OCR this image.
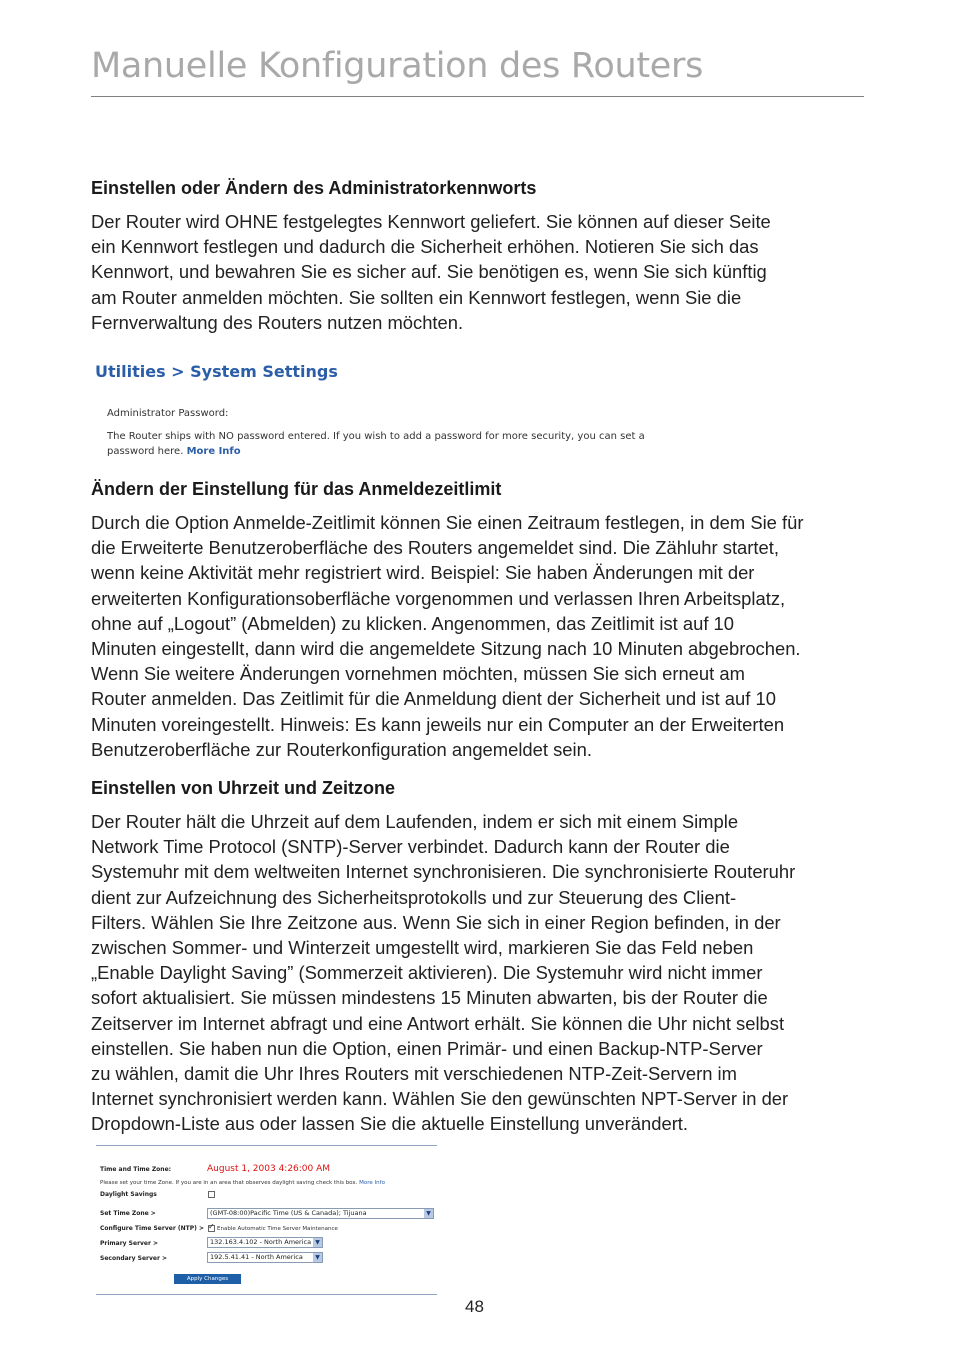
Manuelle Konfiguration des Routers
Einstellen oder Ändern des Administratorkennworts

Der Router wird OHNE festgelegtes Kennwort geliefert. Sie können auf dieser Seite
ein Kennwort festlegen und dadurch die Sicherheit erhöhen. Notieren Sie sich das
Kennwort, und bewahren Sie es sicher auf. Sie benötigen es, wenn Sie sich künftig
am Router anmelden möchten. Sie sollten ein Kennwort festlegen, wenn Sie die
Fernverwaltung des Routers nutzen möchten.

Utilities > System Settings
Administrator Password:
The Router ships with NO password entered. If you wish to add a password for more security, you can set a
password here. More Info
Ändern der Einstellung für das Anmeldezeitlimit

Durch die Option Anmelde-Zeitlimit können Sie einen Zeitraum festlegen, in dem Sie für
die Erweiterte Benutzeroberfläche des Routers angemeldet sind. Die Zähluhr startet,
wenn keine Aktivität mehr registriert wird. Beispiel: Sie haben Änderungen mit der
erweiterten Konfigurationsoberfläche vorgenommen und verlassen Ihren Arbeitsplatz,
ohne auf „Logout” (Abmelden) zu klicken. Angenommen, das Zeitlimit ist auf 10
Minuten eingestellt, dann wird die angemeldete Sitzung nach 10 Minuten abgebrochen.
Wenn Sie weitere Änderungen vornehmen möchten, müssen Sie sich erneut am
Router anmelden. Das Zeitlimit für die Anmeldung dient der Sicherheit und ist auf 10
Minuten voreingestellt. Hinweis: Es kann jeweils nur ein Computer an der Erweiterten
Benutzeroberfläche zur Routerkonfiguration angemeldet sein.

Einstellen von Uhrzeit und Zeitzone

Der Router hält die Uhrzeit auf dem Laufenden, indem er sich mit einem Simple
Network Time Protocol (SNTP)-Server verbindet. Dadurch kann der Router die
Systemuhr mit dem weltweiten Internet synchronisieren. Die synchronisierte Routeruhr
dient zur Aufzeichnung des Sicherheitsprotokolls und zur Steuerung des Client-
Filters. Wählen Sie Ihre Zeitzone aus. Wenn Sie sich in einer Region befinden, in der
zwischen Sommer- und Winterzeit umgestellt wird, markieren Sie das Feld neben
„Enable Daylight Saving” (Sommerzeit aktivieren). Die Systemuhr wird nicht immer
sofort aktualisiert. Sie müssen mindestens 15 Minuten abwarten, bis der Router die
Zeitserver im Internet abfragt und eine Antwort erhält. Sie können die Uhr nicht selbst
einstellen. Sie haben nun die Option, einen Primär- und einen Backup-NTP-Server
zu wählen, damit die Uhr Ihres Routers mit verschiedenen NTP-Zeit-Servern im
Internet synchronisiert werden kann. Wählen Sie den gewünschten NPT-Server in der
Dropdown-Liste aus oder lassen Sie die aktuelle Einstellung unverändert.

Time and Time Zone:	August 1, 2003 4:26:00 AM
Please set your time Zone. If you are in an area that observes daylight saving check this box. More Info
Daylight Savings
Set Time Zone >	(GMT-08:00)Pacific Time (US & Canada); Tijuana	▼
Configure Time Server (NTP) >
✓ Enable Automatic Time Server Maintenance
Primary Server >	132.163.4.102 - North America ▼
Secondary Server >	192.5.41.41 - North America	▼
Apply Changes
48
